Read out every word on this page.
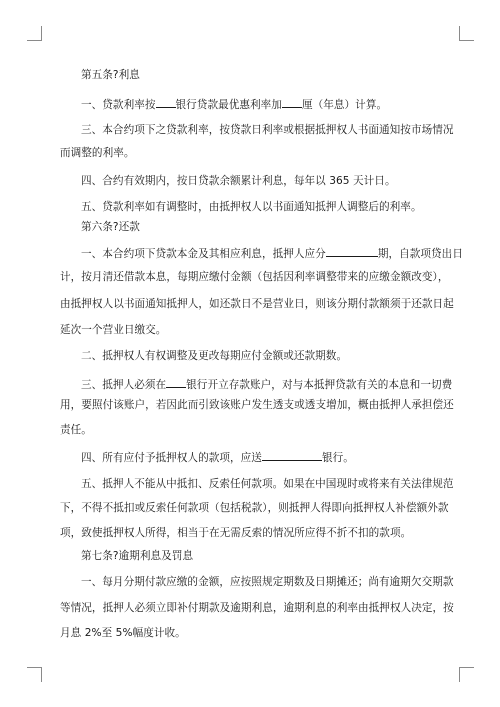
第五条?利息
一、贷款利率按 银行贷款最优惠利率加 厘（年息）计算。
三、本合约项下之贷款利率，按贷款日利率或根据抵押权人书面通知按市场情况
而调整的利率。
四、合约有效期内，按日贷款余额累计利息，每年以 365 天计日。
五、贷款利率如有调整时，由抵押权人以书面通知抵押人调整后的利率。
第六条?还款
一、本合约项下贷款本金及其相应利息，抵押人应分	期，自款项贷出日
计，按月清还借款本息，每期应缴付金额（包括因利率调整带来的应缴金额改变），
由抵押权人以书面通知抵押人，如还款日不是营业日，则该分期付款额须于还款日起
延次一个营业日缴交。
二、抵押权人有权调整及更改每期应付金额或还款期数。
三、抵押人必须在 银行开立存款账户，对与本抵押贷款有关的本息和一切费
用，要照付该账户，若因此而引致该账户发生透支或透支增加，概由抵押人承担偿还
责任。
四、所有应付予抵押权人的款项，应送	银行。
五、抵押人不能从中抵扣、反索任何款项。如果在中国现时或将来有关法律规范
下，不得不抵扣或反索任何款项（包括税款），则抵押人得即向抵押权人补偿额外款
项，致使抵押权人所得，相当于在无需反索的情况所应得不折不扣的款项。
第七条?逾期利息及罚息
一、每月分期付款应缴的金额，应按照规定期数及日期摊还；尚有逾期欠交期款
等情况，抵押人必须立即补付期款及逾期利息，逾期利息的利率由抵押权人决定，按
月息 2%至 5%幅度计收。
